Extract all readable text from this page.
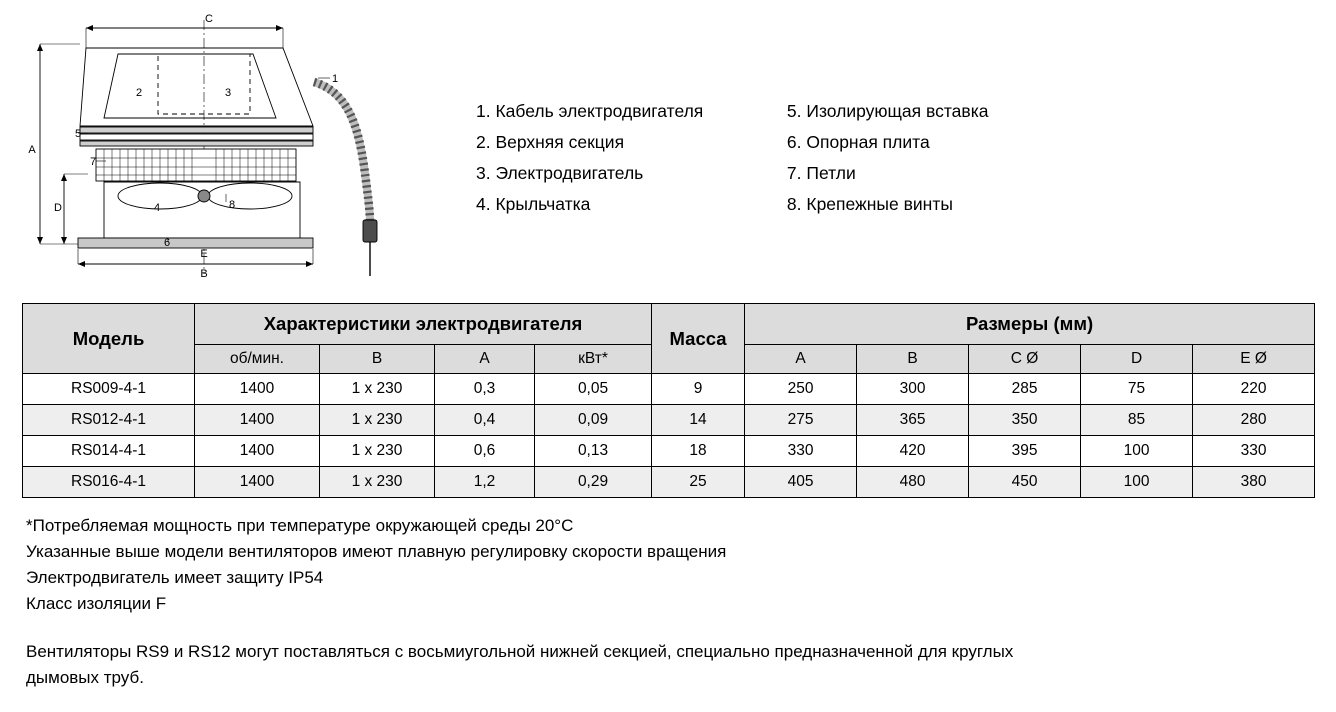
C
A
D
E
B
1
2	3
4
5
6
7
8
1. Кабель электродвигателя
2. Верхняя секция
3. Электродвигатель
4. Крыльчатка
5. Изолирующая вставка
6. Опорная плита
7. Петли
8. Крепежные винты
Модель	Характеристики электродвигателя				Масса	Размеры (мм)				
	об/мин.	B	A	кВт*		A	B	C Ø	D	E Ø
RS009-4-1	1400	1 x 230	0,3	0,05	9	250	300	285	75	220
RS012-4-1	1400	1 x 230	0,4	0,09	14	275	365	350	85	280
RS014-4-1	1400	1 x 230	0,6	0,13	18	330	420	395	100	330
RS016-4-1	1400	1 x 230	1,2	0,29	25	405	480	450	100	380
*Потребляемая мощность при температуре окружающей среды 20°C
Указанные выше модели вентиляторов имеют плавную регулировку скорости вращения
Электродвигатель имеет защиту IP54
Класс изоляции F
Вентиляторы RS9 и RS12 могут поставляться с восьмиугольной нижней секцией, специально предназначенной для круглых дымовых труб.
